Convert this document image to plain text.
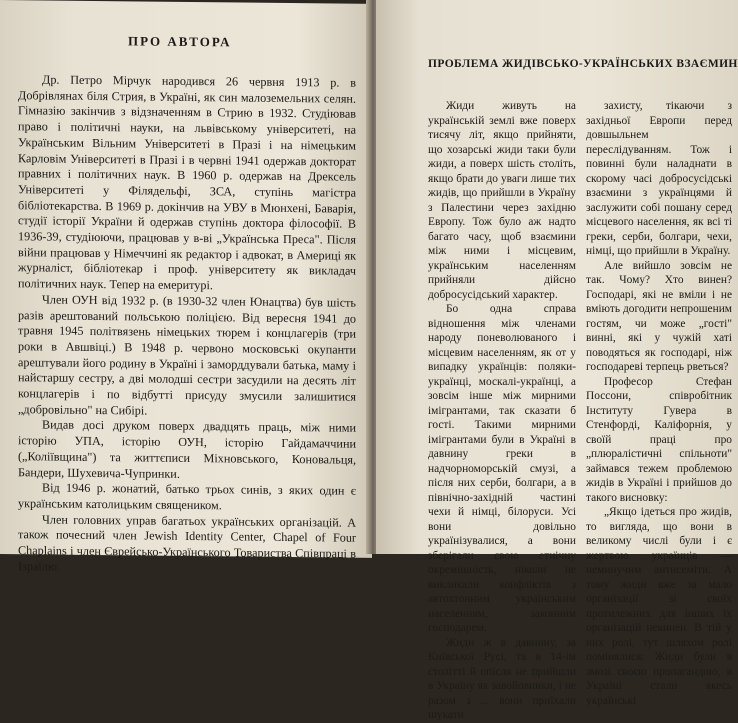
ПРО АВТОРА

Др. Петро Мірчук народився 26 червня 1913 р. в Добрівлянах біля Стрия, в Україні, як син малоземельних селян. Гімназію закінчив з відзначенням в Стрию в 1932. Студіював право і політичні науки, на львівському університеті, на Українським Вільним Університеті в Празі і на німецьким Карловім Університеті в Празі і в червні 1941 одержав докторат правних і політичних наук. В 1960 р. одержав на Дрексель Університеті у Філядельфі, ЗСА, ступінь магістра бібліотекарства. В 1969 р. докінчив на УВУ в Мюнхені, Баварія, студії історії України й одержав ступінь доктора філософії. В 1936-39, студіюючи, працював у в-ві „Українська Преса". Після війни працював у Німеччині як редактор і адвокат, в Америці як журналіст, бібліотекар і проф. університету як викладач політичних наук. Тепер на емеритурі.

Член ОУН від 1932 р. (в 1930-32 член Юнацтва) був шість разів арештований польською поліцією. Від вересня 1941 до травня 1945 політвязень німецьких тюрем і концлагерів (три роки в Авшвіці.) В 1948 р. червоно московські окупанти арештували його родину в Україні і заморддували батька, маму і найстаршу сестру, а дві молодші сестри засудили на десять літ концлагерів і по відбутті присуду змусили залишитися „добровільно" на Сибірі.

Видав досі друком поверх двадцять праць, між ними історію УПА, історію ОУН, історію Гайдамаччини („Коліївщина") та життєписи Міхновського, Коновальця, Бандери, Шухевича-Чупринки.

Від 1946 р. жонатий, батько трьох синів, з яких один є українським католицьким священиком.

Член головних управ багатьох українських організацій. А також почесний член Jewish Identity Center, Chapel of Four Chaplains і член Єврейсько-Українського Товариства Співпраці в Ізраїлю.

ПРОБЛЕМА ЖИДІВСЬКО-УКРАЇНСЬКИХ ВЗАЄМИН

Жиди живуть на українській землі вже поверх тисячу літ, якщо прийняти, що хозарські жиди таки були жиди, а поверх шість століть, якщо брати до уваги лише тих жидів, що прийшли в Україну з Палестини через західню Европу. Тож було аж надто багато часу, щоб взаємини між ними і місцевим, українським населенням прийняли дійсно добросусідський характер.

Бо одна справа відношення між членами народу поневолюваного і місцевим населенням, як от у випадку українців: поляки-українці, москалі-українці, а зовсім інше між мирними імігрантами, так сказати б гості. Такими мирними імігрантами були в Україні в давнину греки в надчорноморській смузі, а після них серби, болгари, а в північно-західній частині чехи й німці, білоруси. Усі вони довільно українізувалися, а вони зберігали свою етнічну окремішність, ніколи не викликали конфліктів з автохтонним українським населенням, законним господарем.

Жиди ж в давнину, за Київської Русі, та в 14-ім столітті й опісля не прийшли в Україну як завойовники, і не разом з ... вони приїхали шукати

захисту, тікаючи з західньої Европи перед довшыльнем переслідуванням. Тож і повинні були наладнати в скорому часі добросусідські взаємини з українцями й заслужити собі пошану серед місцевого населення, як всі ті греки, серби, болгари, чехи, німці, що прийшли в Україну.

Але вийшло зовсім не так. Чому? Хто винен? Господарі, які не вміли і не вміють догодити непрошеним гостям, чи може „гості" винні, які у чужій хаті поводяться як господарі, ніж господареві терпець рветься?

Професор Стефан Поссони, співробітник Інституту Гувера в Стенфорді, Каліфорнія, у своїй праці про „плюралістичні спільноти" займався тежем проблемою жидів в Україні і прийшов до такого висновку:

„Якщо ідеться про жидів, то вигляда, що вони в великому числі були і є жертвою українців — неминучим антисеміти. А тому жиди вже за мало організації зі своїх протилежних для інших їх організацій невинен. В тій у них ролі, тут шляхом ролі помінялися: Жиди були в змозі своєю пропагандою, в Україні стали якесь українські
